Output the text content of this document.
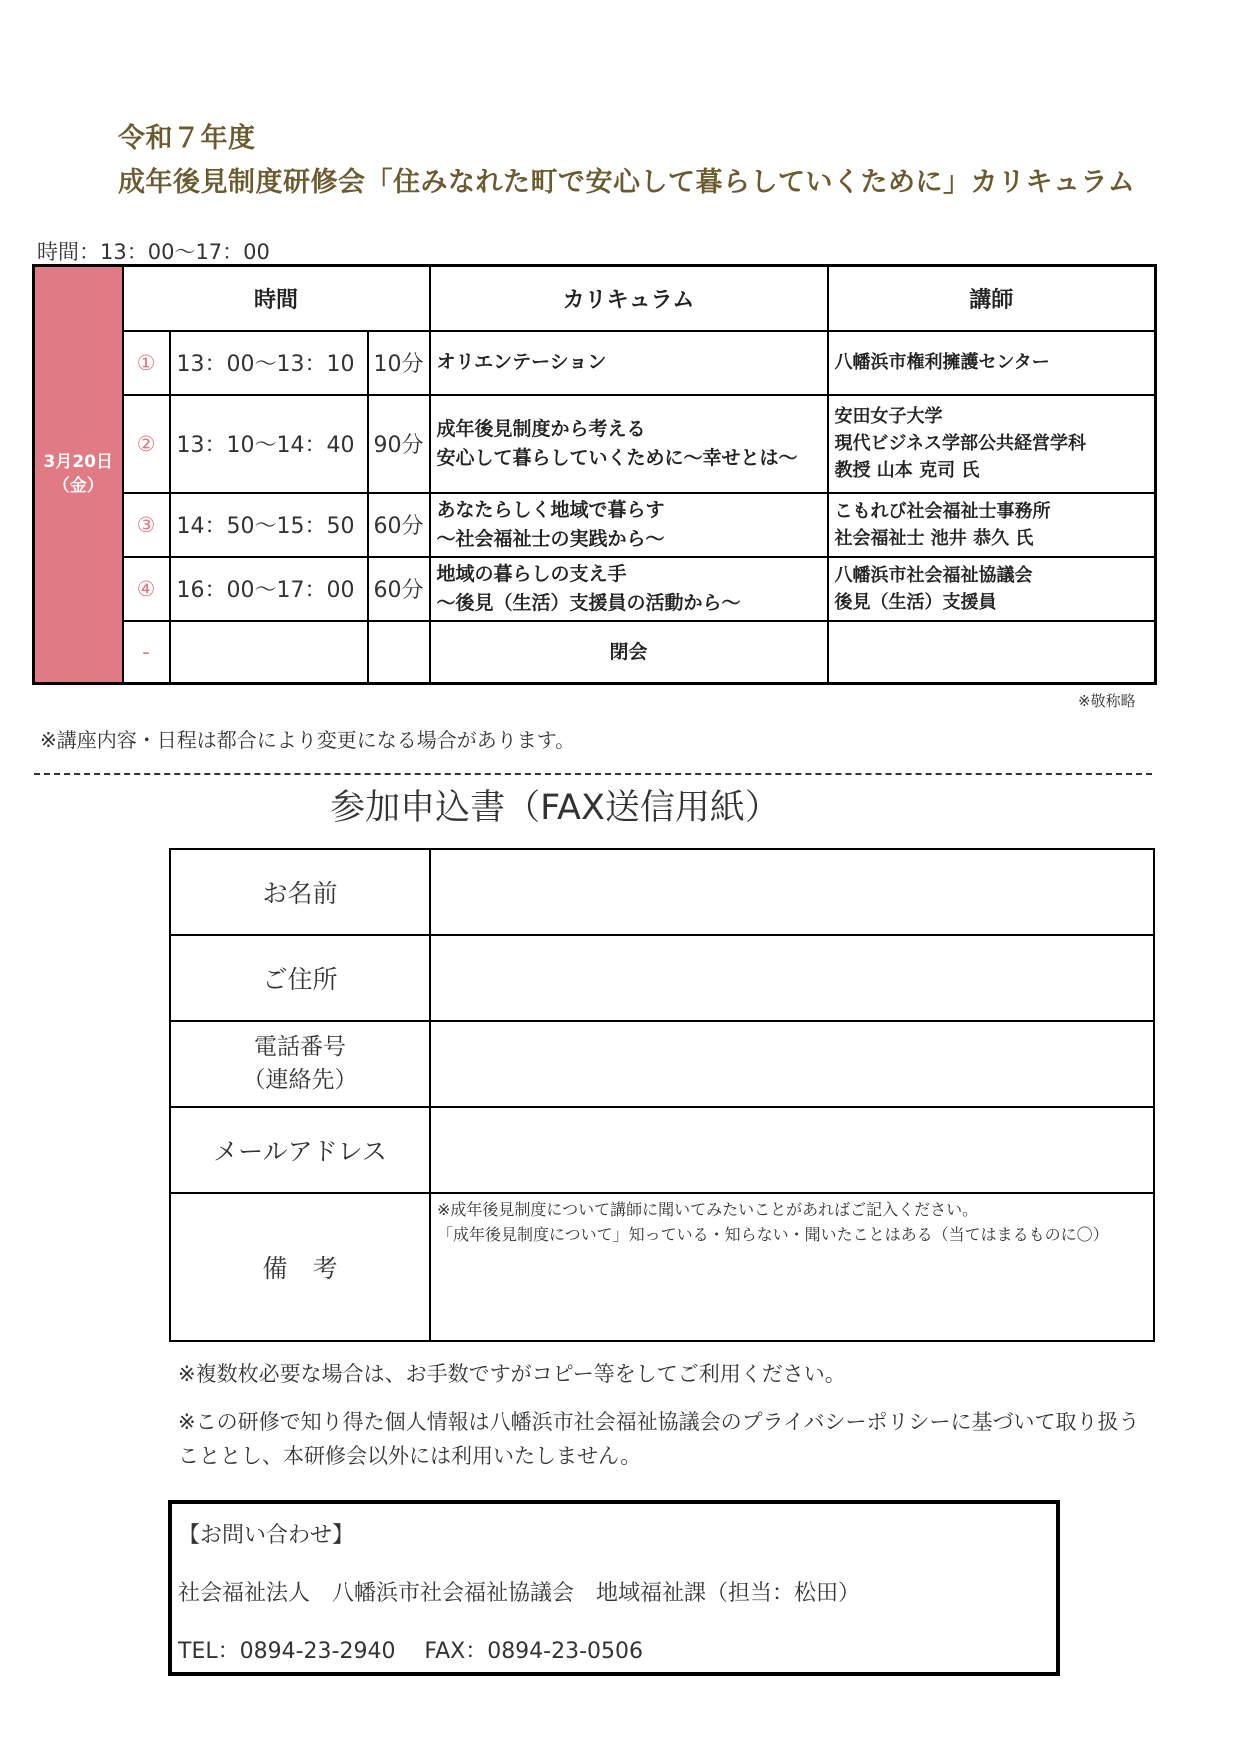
令和７年度
成年後見制度研修会「住みなれた町で安心して暮らしていくために」カリキュラム
時間：13：00～17：00
3月20日
（金）	時間			カリキュラム	講師
	①	13：00～13：10	10分	オリエンテーション	八幡浜市権利擁護センター

	②	13：10～14：40	90分	成年後見制度から考える
安心して暮らしていくために～幸せとは～	安田女子大学
現代ビジネス学部公共経営学科
教授 山本 克司 氏

	③	14：50～15：50	60分	あなたらしく地域で暮らす
～社会福祉士の実践から～	こもれび社会福祉士事務所
社会福祉士 池井 恭久 氏

	④	16：00～17：00	60分	地域の暮らしの支え手
～後見（生活）支援員の活動から～	八幡浜市社会福祉協議会
後見（生活）支援員

	-			閉会	

※敬称略
※講座内容・日程は都合により変更になる場合があります。
参加申込書（FAX送信用紙）
お名前	
ご住所	

電話番号
（連絡先）	

メールアドレス	
備　考	※成年後見制度について講師に聞いてみたいことがあればご記入ください。
「成年後見制度について」知っている・知らない・聞いたことはある（当てはまるものに〇）
※複数枚必要な場合は、お手数ですがコピー等をしてご利用ください。
※この研修で知り得た個人情報は八幡浜市社会福祉協議会のプライバシーポリシーに基づいて取り扱うこととし、本研修会以外には利用いたしません。
【お問い合わせ】
社会福祉法人　八幡浜市社会福祉協議会　地域福祉課（担当：松田）
TEL：0894-23-2940　 FAX：0894-23-0506
